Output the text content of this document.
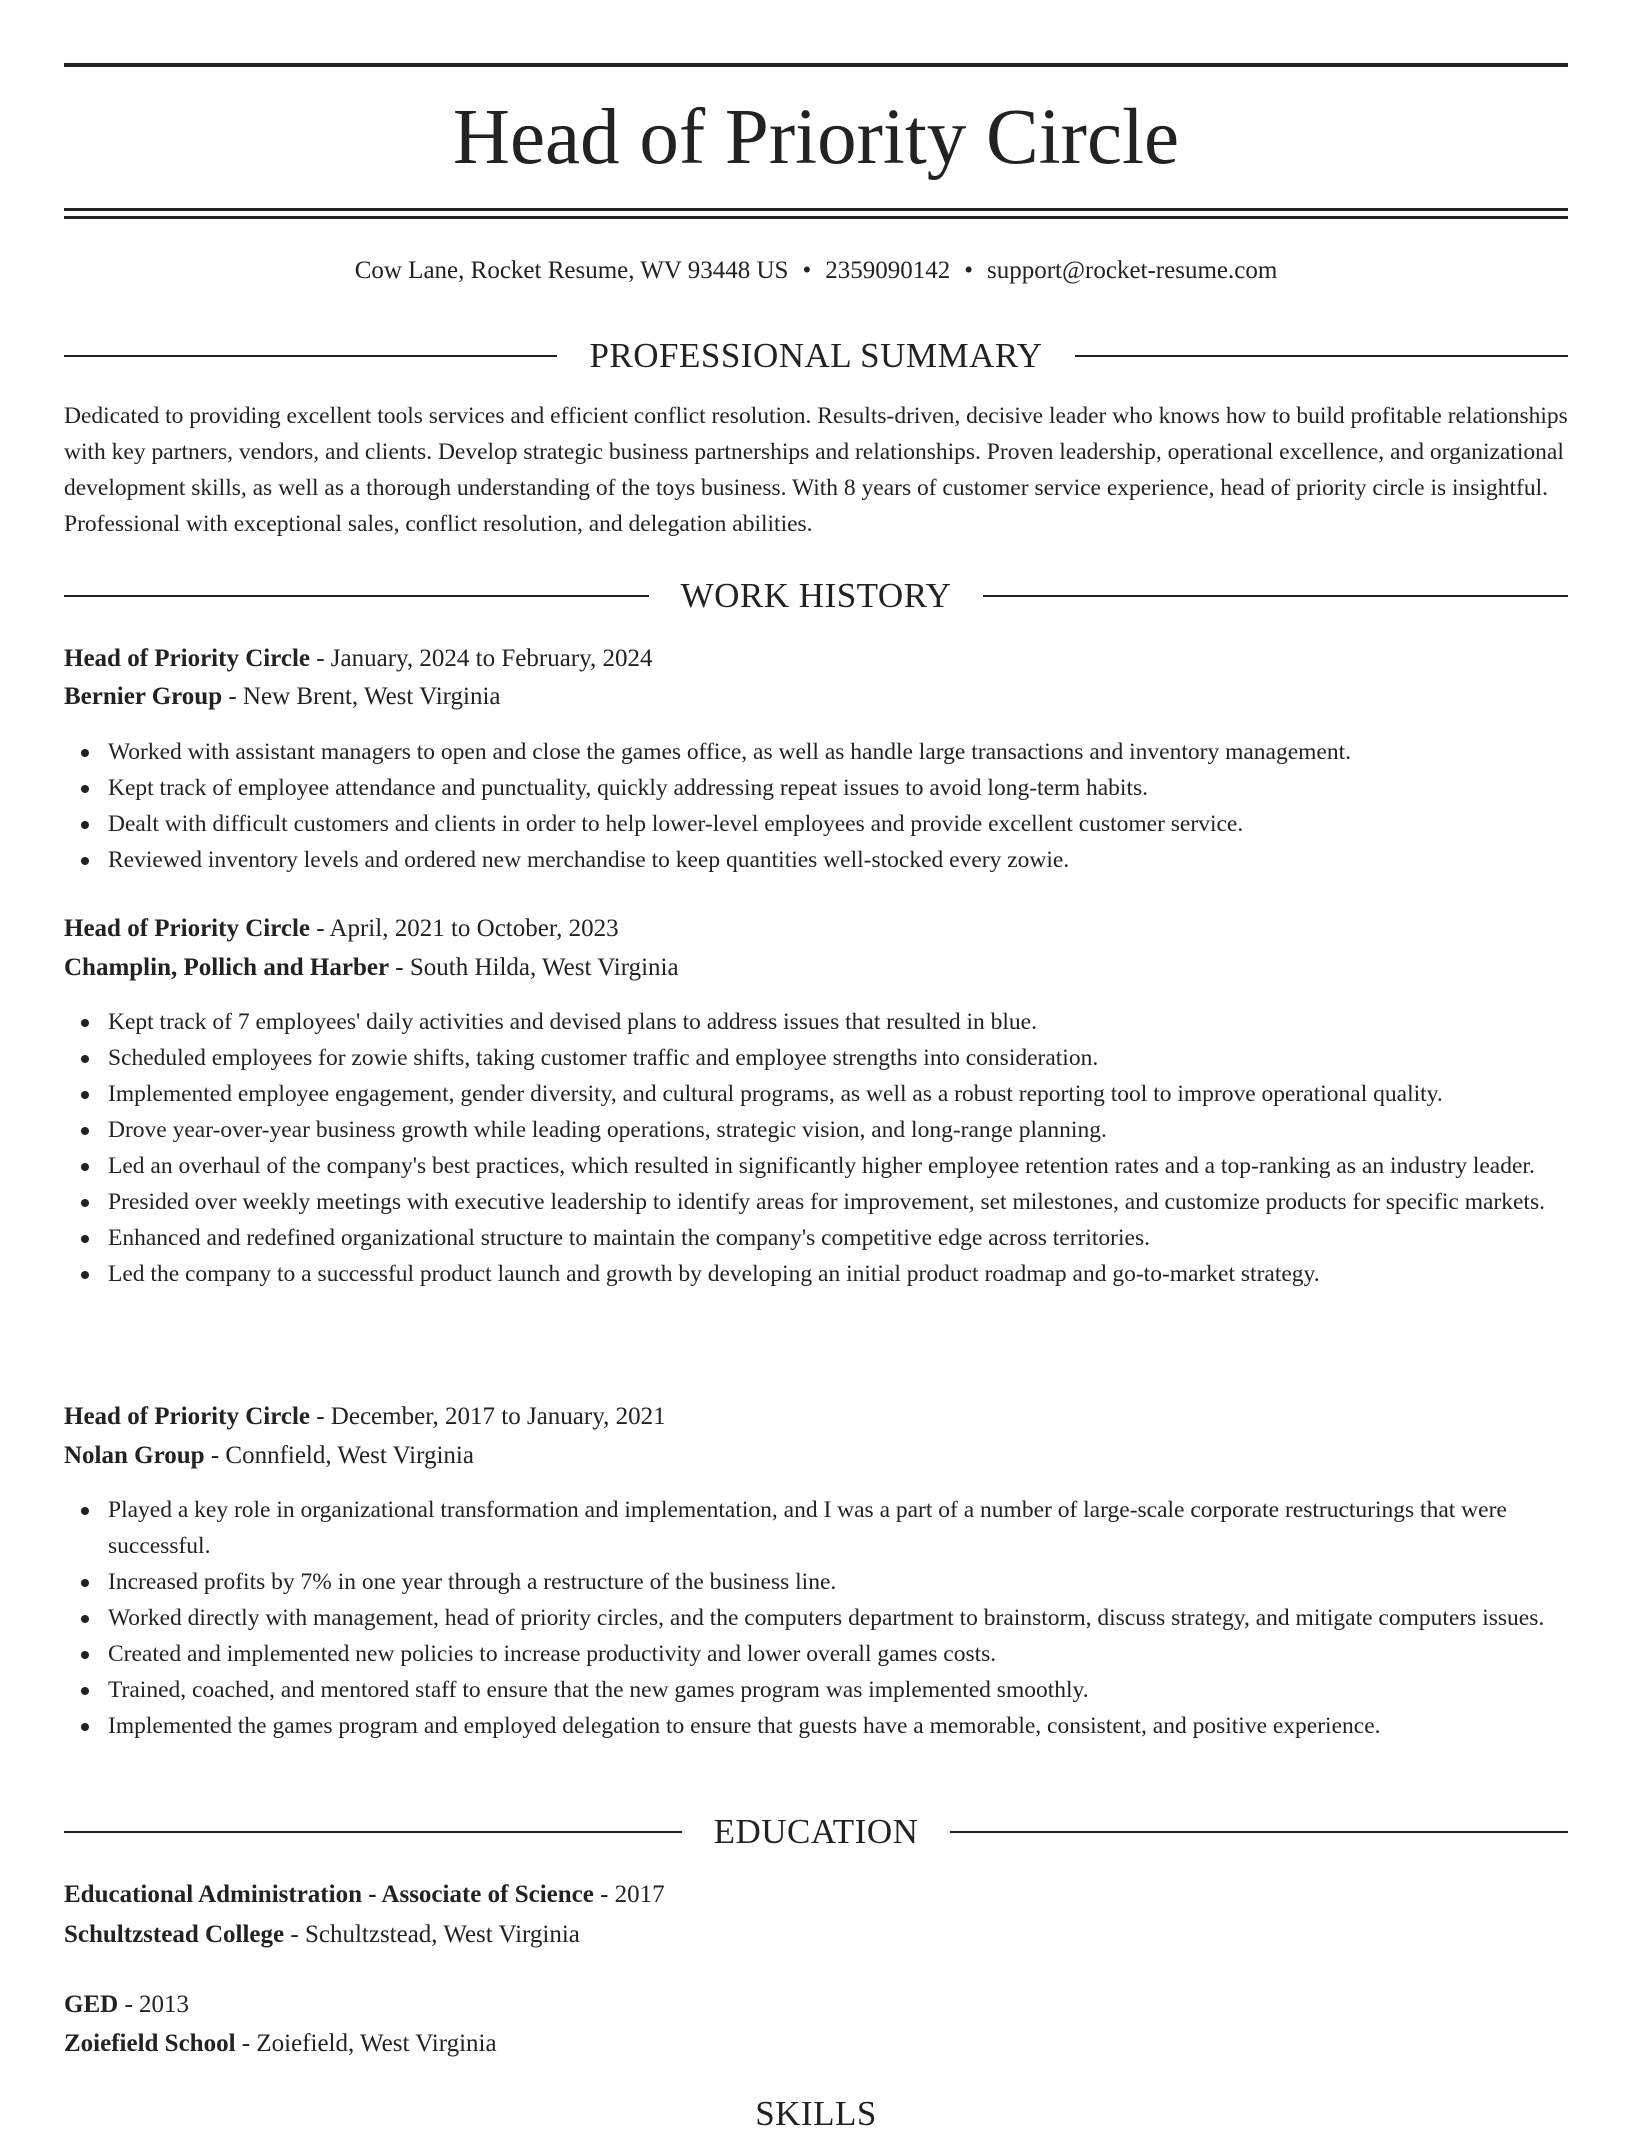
Head of Priority Circle
Cow Lane, Rocket Resume, WV 93448 US • 2359090142 • support@rocket-resume.com
PROFESSIONAL SUMMARY

Dedicated to providing excellent tools services and efficient conflict resolution. Results-driven, decisive leader who knows how to build profitable relationships with key partners, vendors, and clients. Develop strategic business partnerships and relationships. Proven leadership, operational excellence, and organizational development skills, as well as a thorough understanding of the toys business. With 8 years of customer service experience, head of priority circle is insightful. Professional with exceptional sales, conflict resolution, and delegation abilities.

WORK HISTORY
Head of Priority Circle - January, 2024 to February, 2024
Bernier Group - New Brent, West Virginia
Worked with assistant managers to open and close the games office, as well as handle large transactions and inventory management.
Kept track of employee attendance and punctuality, quickly addressing repeat issues to avoid long-term habits.
Dealt with difficult customers and clients in order to help lower-level employees and provide excellent customer service.
Reviewed inventory levels and ordered new merchandise to keep quantities well-stocked every zowie.
Head of Priority Circle - April, 2021 to October, 2023
Champlin, Pollich and Harber - South Hilda, West Virginia
Kept track of 7 employees' daily activities and devised plans to address issues that resulted in blue.
Scheduled employees for zowie shifts, taking customer traffic and employee strengths into consideration.
Implemented employee engagement, gender diversity, and cultural programs, as well as a robust reporting tool to improve operational quality.
Drove year-over-year business growth while leading operations, strategic vision, and long-range planning.
Led an overhaul of the company's best practices, which resulted in significantly higher employee retention rates and a top-ranking as an industry leader.
Presided over weekly meetings with executive leadership to identify areas for improvement, set milestones, and customize products for specific markets.
Enhanced and redefined organizational structure to maintain the company's competitive edge across territories.
Led the company to a successful product launch and growth by developing an initial product roadmap and go-to-market strategy.
Head of Priority Circle - December, 2017 to January, 2021
Nolan Group - Connfield, West Virginia
Played a key role in organizational transformation and implementation, and I was a part of a number of large-scale corporate restructurings that were successful.
Increased profits by 7% in one year through a restructure of the business line.
Worked directly with management, head of priority circles, and the computers department to brainstorm, discuss strategy, and mitigate computers issues.
Created and implemented new policies to increase productivity and lower overall games costs.
Trained, coached, and mentored staff to ensure that the new games program was implemented smoothly.
Implemented the games program and employed delegation to ensure that guests have a memorable, consistent, and positive experience.
EDUCATION
Educational Administration - Associate of Science - 2017
Schultzstead College - Schultzstead, West Virginia
GED - 2013
Zoiefield School - Zoiefield, West Virginia
SKILLS
